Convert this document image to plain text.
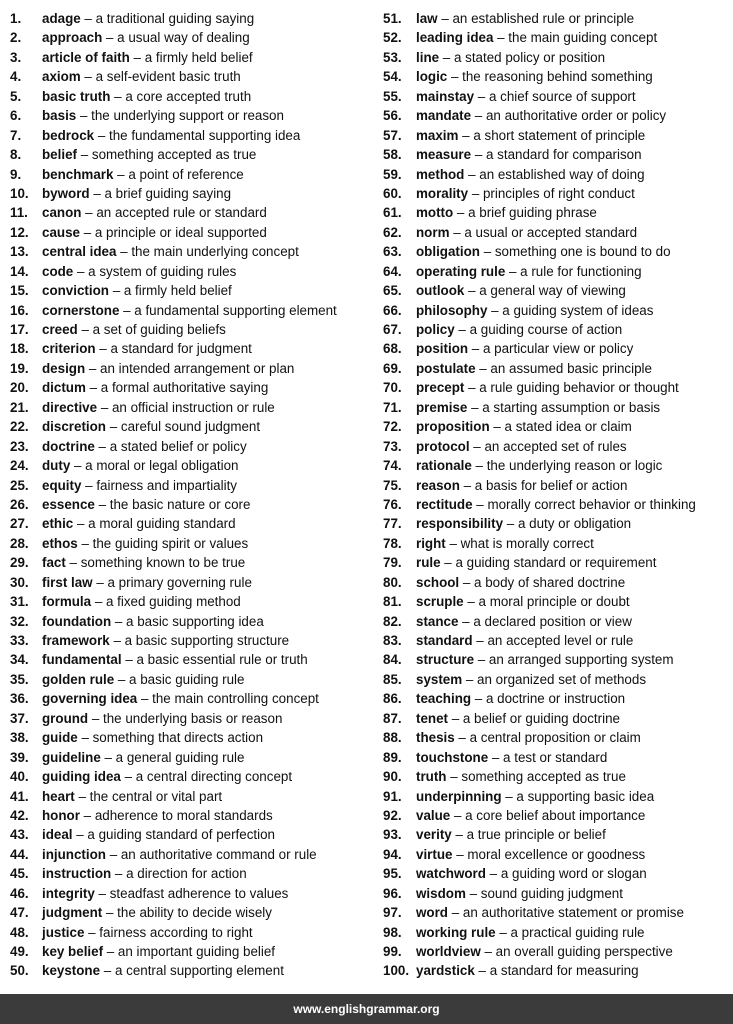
1. adage – a traditional guiding saying
2. approach – a usual way of dealing
3. article of faith – a firmly held belief
4. axiom – a self-evident basic truth
5. basic truth – a core accepted truth
6. basis – the underlying support or reason
7. bedrock – the fundamental supporting idea
8. belief – something accepted as true
9. benchmark – a point of reference
10. byword – a brief guiding saying
11. canon – an accepted rule or standard
12. cause – a principle or ideal supported
13. central idea – the main underlying concept
14. code – a system of guiding rules
15. conviction – a firmly held belief
16. cornerstone – a fundamental supporting element
17. creed – a set of guiding beliefs
18. criterion – a standard for judgment
19. design – an intended arrangement or plan
20. dictum – a formal authoritative saying
21. directive – an official instruction or rule
22. discretion – careful sound judgment
23. doctrine – a stated belief or policy
24. duty – a moral or legal obligation
25. equity – fairness and impartiality
26. essence – the basic nature or core
27. ethic – a moral guiding standard
28. ethos – the guiding spirit or values
29. fact – something known to be true
30. first law – a primary governing rule
31. formula – a fixed guiding method
32. foundation – a basic supporting idea
33. framework – a basic supporting structure
34. fundamental – a basic essential rule or truth
35. golden rule – a basic guiding rule
36. governing idea – the main controlling concept
37. ground – the underlying basis or reason
38. guide – something that directs action
39. guideline – a general guiding rule
40. guiding idea – a central directing concept
41. heart – the central or vital part
42. honor – adherence to moral standards
43. ideal – a guiding standard of perfection
44. injunction – an authoritative command or rule
45. instruction – a direction for action
46. integrity – steadfast adherence to values
47. judgment – the ability to decide wisely
48. justice – fairness according to right
49. key belief – an important guiding belief
50. keystone – a central supporting element
51. law – an established rule or principle
52. leading idea – the main guiding concept
53. line – a stated policy or position
54. logic – the reasoning behind something
55. mainstay – a chief source of support
56. mandate – an authoritative order or policy
57. maxim – a short statement of principle
58. measure – a standard for comparison
59. method – an established way of doing
60. morality – principles of right conduct
61. motto – a brief guiding phrase
62. norm – a usual or accepted standard
63. obligation – something one is bound to do
64. operating rule – a rule for functioning
65. outlook – a general way of viewing
66. philosophy – a guiding system of ideas
67. policy – a guiding course of action
68. position – a particular view or policy
69. postulate – an assumed basic principle
70. precept – a rule guiding behavior or thought
71. premise – a starting assumption or basis
72. proposition – a stated idea or claim
73. protocol – an accepted set of rules
74. rationale – the underlying reason or logic
75. reason – a basis for belief or action
76. rectitude – morally correct behavior or thinking
77. responsibility – a duty or obligation
78. right – what is morally correct
79. rule – a guiding standard or requirement
80. school – a body of shared doctrine
81. scruple – a moral principle or doubt
82. stance – a declared position or view
83. standard – an accepted level or rule
84. structure – an arranged supporting system
85. system – an organized set of methods
86. teaching – a doctrine or instruction
87. tenet – a belief or guiding doctrine
88. thesis – a central proposition or claim
89. touchstone – a test or standard
90. truth – something accepted as true
91. underpinning – a supporting basic idea
92. value – a core belief about importance
93. verity – a true principle or belief
94. virtue – moral excellence or goodness
95. watchword – a guiding word or slogan
96. wisdom – sound guiding judgment
97. word – an authoritative statement or promise
98. working rule – a practical guiding rule
99. worldview – an overall guiding perspective
100. yardstick – a standard for measuring
www.englishgrammar.org
